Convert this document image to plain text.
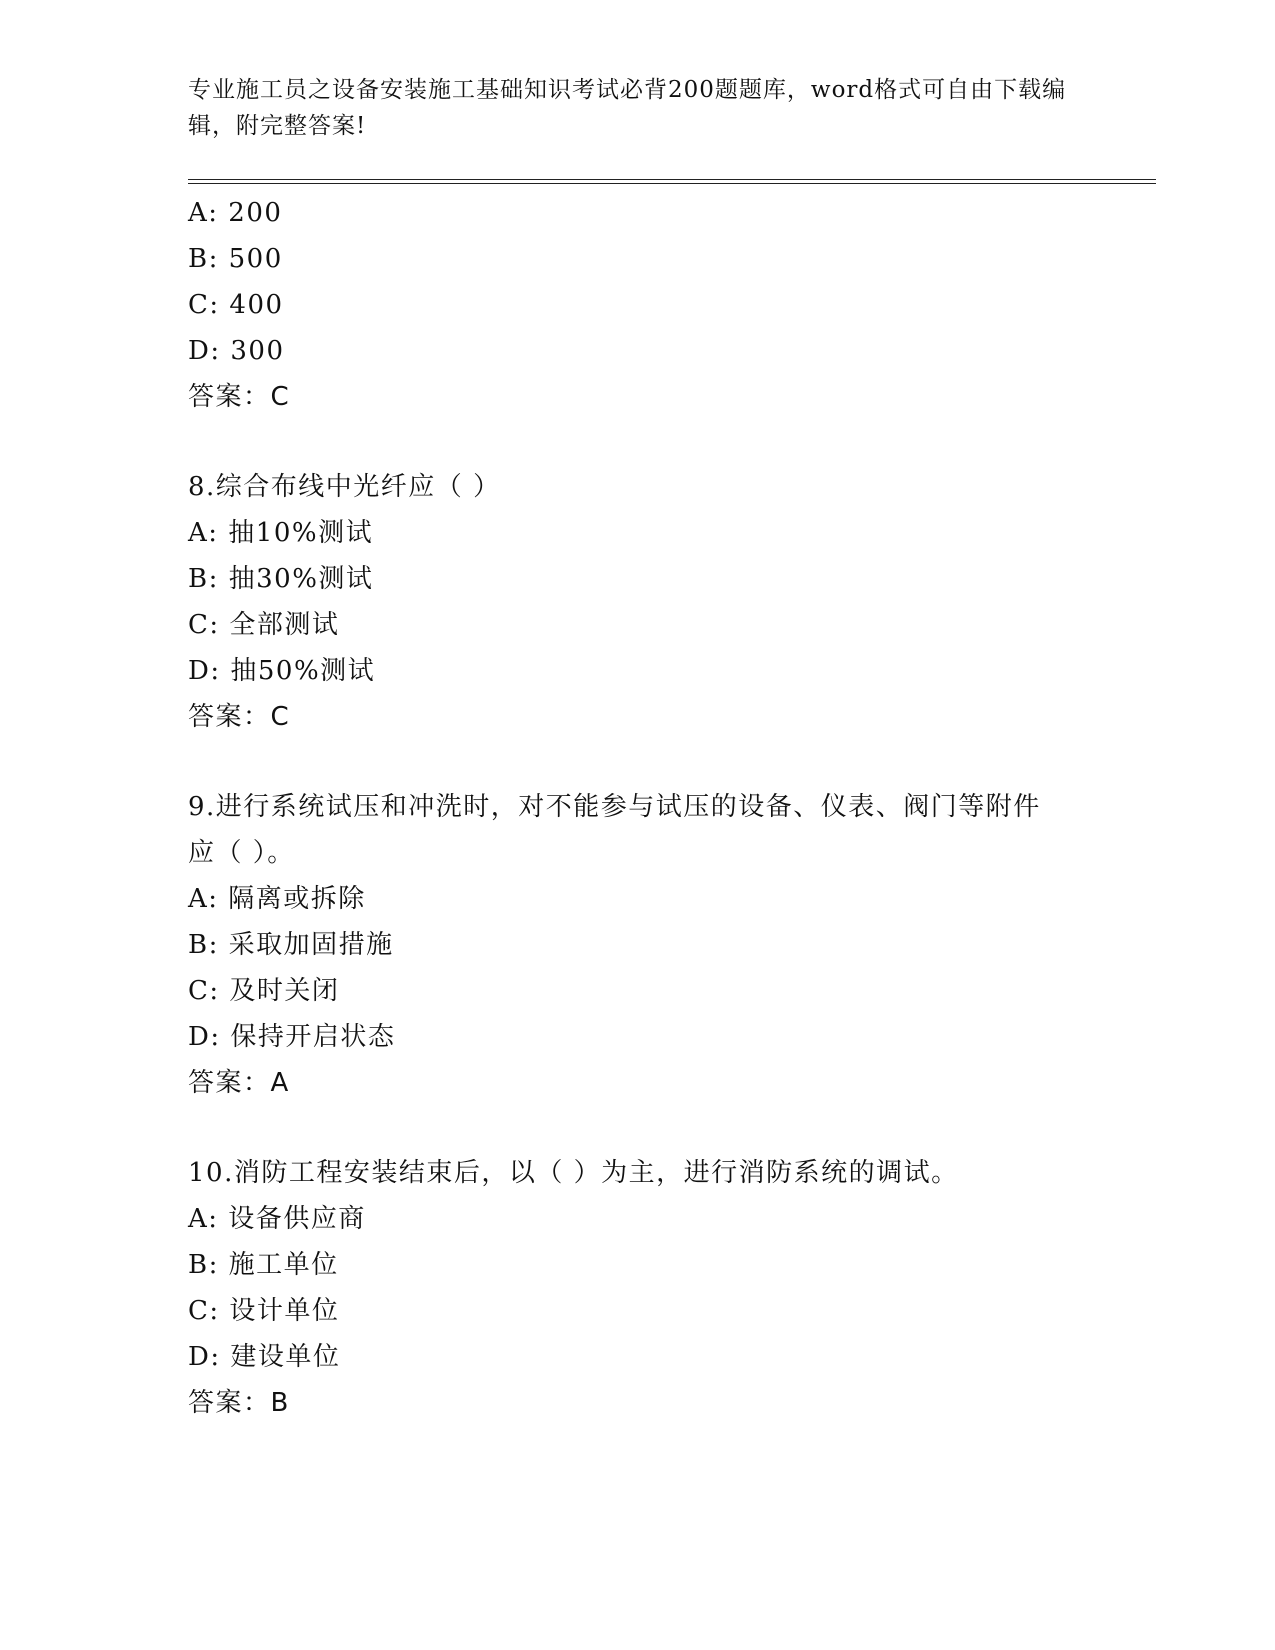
专业施工员之设备安装施工基础知识考试必背200题题库，word格式可自由下载编辑，附完整答案!
A: 200
B: 500
C: 400
D: 300
答案：C
8.综合布线中光纤应（ ）
A: 抽10%测试
B: 抽30%测试
C: 全部测试
D: 抽50%测试
答案：C
9.进行系统试压和冲洗时，对不能参与试压的设备、仪表、阀门等附件应（ ）。
A: 隔离或拆除
B: 采取加固措施
C: 及时关闭
D: 保持开启状态
答案：A
10.消防工程安装结束后，以（ ）为主，进行消防系统的调试。
A: 设备供应商
B: 施工单位
C: 设计单位
D: 建设单位
答案：B
